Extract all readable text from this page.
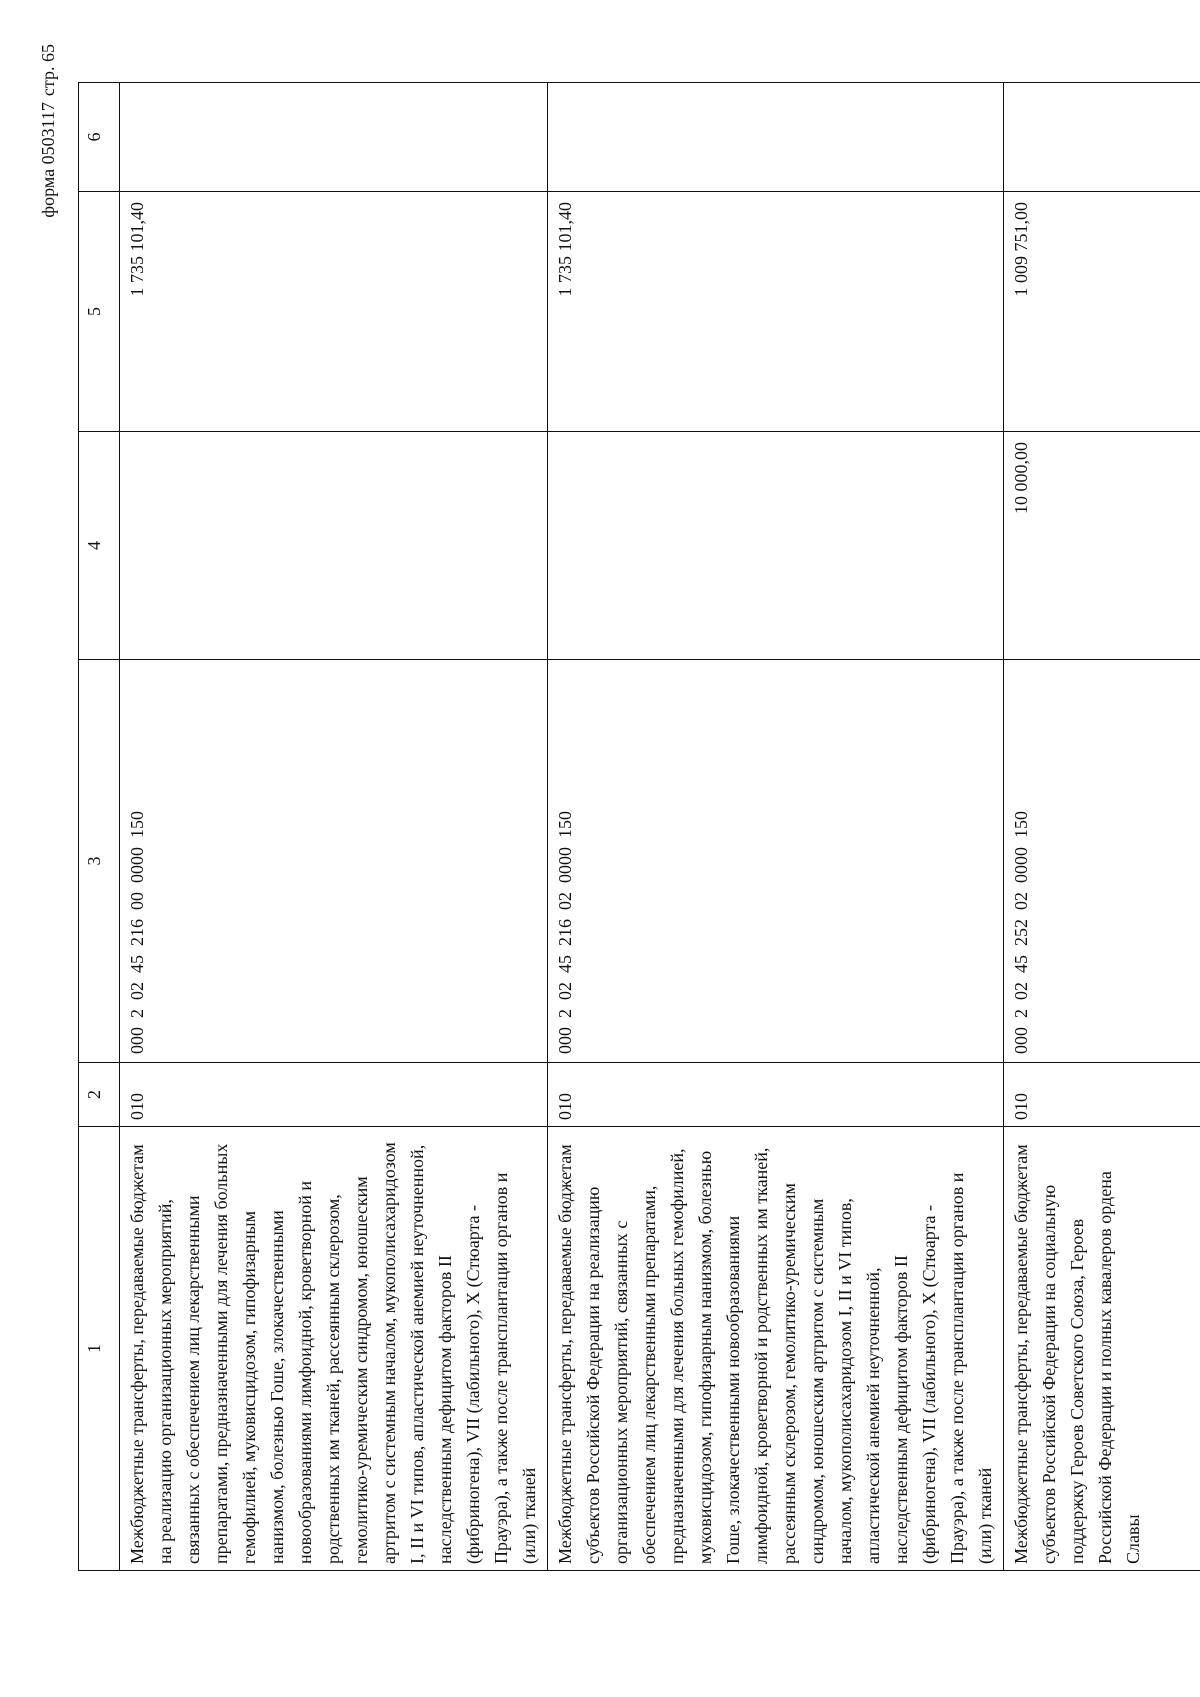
форма 0503117стр. 65
1	2	3	4	5	6
Межбюджетные трансферты, передаваемые бюджетам на реализацию организационных мероприятий, связанных с обеспечением лиц лекарственными препаратами, предназначенными для лечения больных гемофилией, муковисцидозом, гипофизарным нанизмом, болезнью Гоше, злокачественными новообразованиями лимфоидной, кроветворной и родственных им тканей, рассеянным склерозом, гемолитико-уремическим синдромом, юношеским артритом с системным началом, мукополисахаридозом I, II и VI типов, апластической анемией неуточненной, наследственным дефицитом факторов II (фибриногена), VII (лабильного), X (Стюарта - Прауэра), а также после трансплантации органов и (или) тканей	010	000  2  02  45  216  00  0000  150		1 735 101,40	
Межбюджетные трансферты, передаваемые бюджетам субъектов Российской Федерации на реализацию организационных мероприятий, связанных с обеспечением лиц лекарственными препаратами, предназначенными для лечения больных гемофилией, муковисцидозом, гипофизарным нанизмом, болезнью Гоше, злокачественными новообразованиями лимфоидной, кроветворной и родственных им тканей, рассеянным склерозом, гемолитико-уремическим синдромом, юношеским артритом с системным началом, мукополисахаридозом I, II и VI типов, апластической анемией неуточненной, наследственным дефицитом факторов II (фибриногена), VII (лабильного), X (Стюарта - Прауэра), а также после трансплантации органов и (или) тканей	010	000  2  02  45  216  02  0000  150		1 735 101,40	
Межбюджетные трансферты, передаваемые бюджетам субъектов Российской Федерации на социальную поддержку Героев Советского Союза, Героев Российской Федерации и полных кавалеров ордена Славы	010	000  2  02  45  252  02  0000  150	10 000,00	1 009 751,00	
